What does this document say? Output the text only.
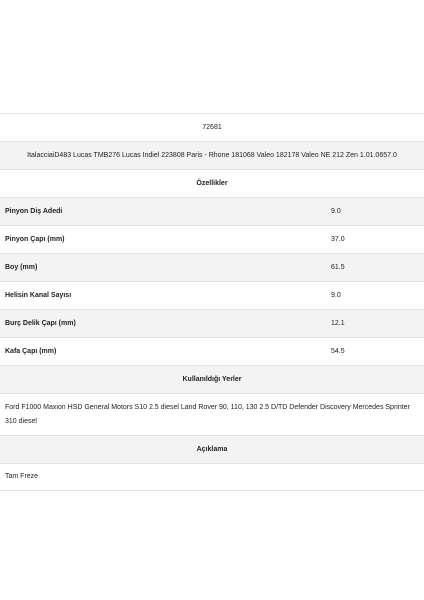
72681
ItalacciaiD483 Lucas TMB276 Lucas Indiel 223808 Paris - Rhone 181068 Valeo 182178 Valeo NE 212 Zen 1.01.0657.0
Özellikler
Pinyon Diş Adedi	9.0
Pinyon Çapı (mm)	37.0
Boy (mm)	61.5
Helisin Kanal Sayısı	9.0
Burç Delik Çapı (mm)	12.1
Kafa Çapı (mm)	54.5
Kullanıldığı Yerler
Ford F1000 Maxion HSD General Motors S10 2.5 diesel Land Rover 90, 110, 130 2.5 D/TD Defender Discovery Mercedes Sprinter 310 diesel
Açıklama
Tam Freze
